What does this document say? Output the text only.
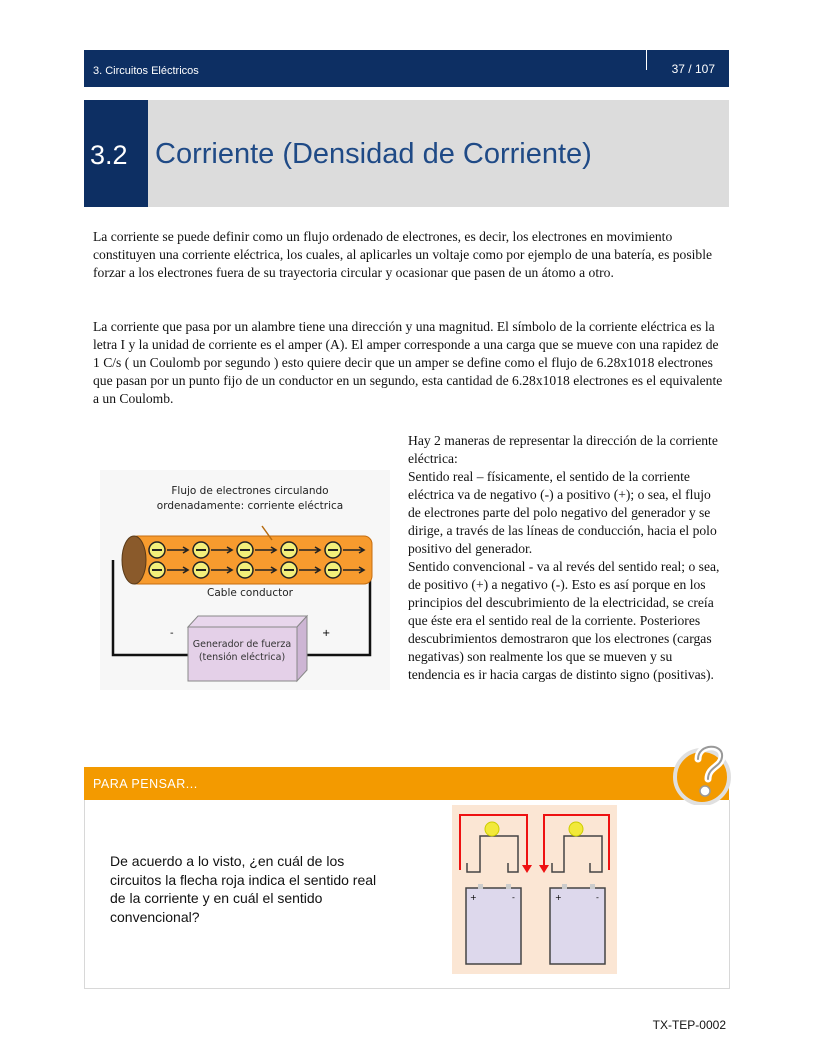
3. Circuitos Eléctricos	37 / 107
3.2 Corriente (Densidad de Corriente)

La corriente se puede definir como un flujo ordenado de electrones, es decir, los electrones en movimiento constituyen una corriente eléctrica, los cuales, al aplicarles un voltaje como por ejemplo de una batería, es posible forzar a los electrones fuera de su trayectoria circular y ocasionar que pasen de un átomo a otro.

La corriente que pasa por un alambre tiene una dirección y una magnitud. El símbolo de la corriente eléctrica es la letra I y la unidad de corriente es el amper (A). El amper corresponde a una carga que se mueve con una rapidez de 1 C/s ( un Coulomb por segundo ) esto quiere decir que un amper se define como el flujo de 6.28x1018 electrones que pasan por un punto fijo de un conductor en un segundo, esta cantidad de 6.28x1018 electrones es el equivalente a un Coulomb.

Hay 2 maneras de representar la dirección de la corriente eléctrica:
Sentido real – físicamente, el sentido de la corriente eléctrica va de negativo (-) a positivo (+); o sea, el flujo de electrones parte del polo negativo del generador y se dirige, a través de las líneas de conducción, hacia el polo positivo del generador.
Sentido convencional - va al revés del sentido real; o sea, de positivo (+) a negativo (-). Esto es así porque en los principios del descubrimiento de la electricidad, se creía que éste era el sentido real de la corriente. Posteriores descubrimientos demostraron que los electrones (cargas negativas) son realmente los que se mueven y su tendencia es ir hacia cargas de distinto signo (positivas).
Flujo de electrones circulando
ordenadamente: corriente eléctrica
Cable conductor
Generador de fuerza
(tensión eléctrica)
-	+
PARA PENSAR...

De acuerdo a lo visto, ¿en cuál de los circuitos la flecha roja indica el sentido real de la corriente y en cuál el sentido convencional?

+	-	+	-
TX-TEP-0002
